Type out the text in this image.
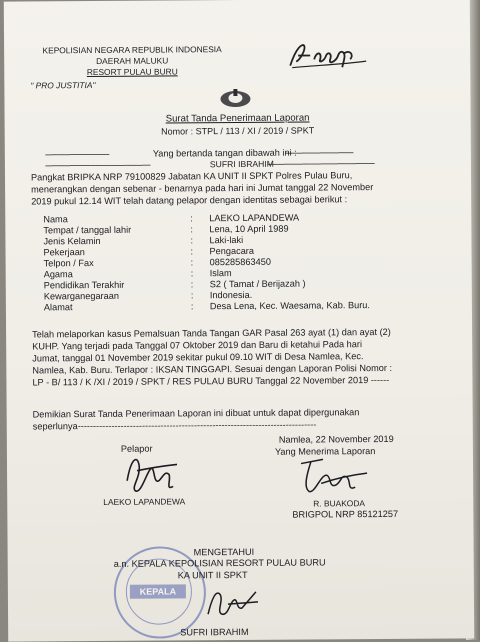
KEPOLISIAN NEGARA REPUBLIK INDONESIA
DAERAH MALUKU
RESORT PULAU BURU
" PRO JUSTITIA"
Surat Tanda Penerimaan Laporan
Nomor : STPL / 113 / XI / 2019 / SPKT
-------------------------------	Yang bertanda tangan dibawah ini :
---------------------------------
---------------------------------------------------	SUFRI IBRAHIM
----------------------------------------------------
Pangkat BRIPKA NRP 79100829 Jabatan KA UNIT II SPKT Polres Pulau Buru,
menerangkan dengan sebenar - benarnya pada hari ini Jumat tanggal 22 November
2019 pukul 12.14 WIT telah datang pelapor dengan identitas sebagai berikut :
Nama	: LAEKO LAPANDEWA
Tempat / tanggal lahir	: Lena, 10 April 1989
Jenis Kelamin	: Laki-laki
Pekerjaan	: Pengacara
Telpon / Fax	: 085285863450
Agama	: Islam
Pendidikan Terakhir	: S2 ( Tamat / Berijazah )
Kewarganegaraan	: Indonesia.
Alamat	: Desa Lena, Kec. Waesama, Kab. Buru.
Telah melaporkan kasus Pemalsuan Tanda Tangan GAR Pasal 263 ayat (1) dan ayat (2)
KUHP. Yang terjadi pada Tanggal 07 Oktober 2019 dan Baru di ketahui Pada hari
Jumat, tanggal 01 November 2019 sekitar pukul 09.10 WIT di Desa Namlea, Kec.
Namlea, Kab. Buru. Terlapor : IKSAN TINGGAPI. Sesuai dengan Laporan Polisi Nomor :
LP - B/ 113 / K /XI / 2019 / SPKT / RES PULAU BURU Tanggal 22 November 2019 ------
Demikian Surat Tanda Penerimaan Laporan ini dibuat untuk dapat dipergunakan
seperlunya------------------------------------------------------------------------------
Namlea, 22 November 2019
Yang Menerima Laporan
Pelapor
LAEKO LAPANDEWA	R. BUAKODA
BRIGPOL NRP 85121257
KEPALA
MENGETAHUI
a.n. KEPALA KEPOLISIAN RESORT PULAU BURU
KA UNIT II SPKT
SUFRI IBRAHIM
